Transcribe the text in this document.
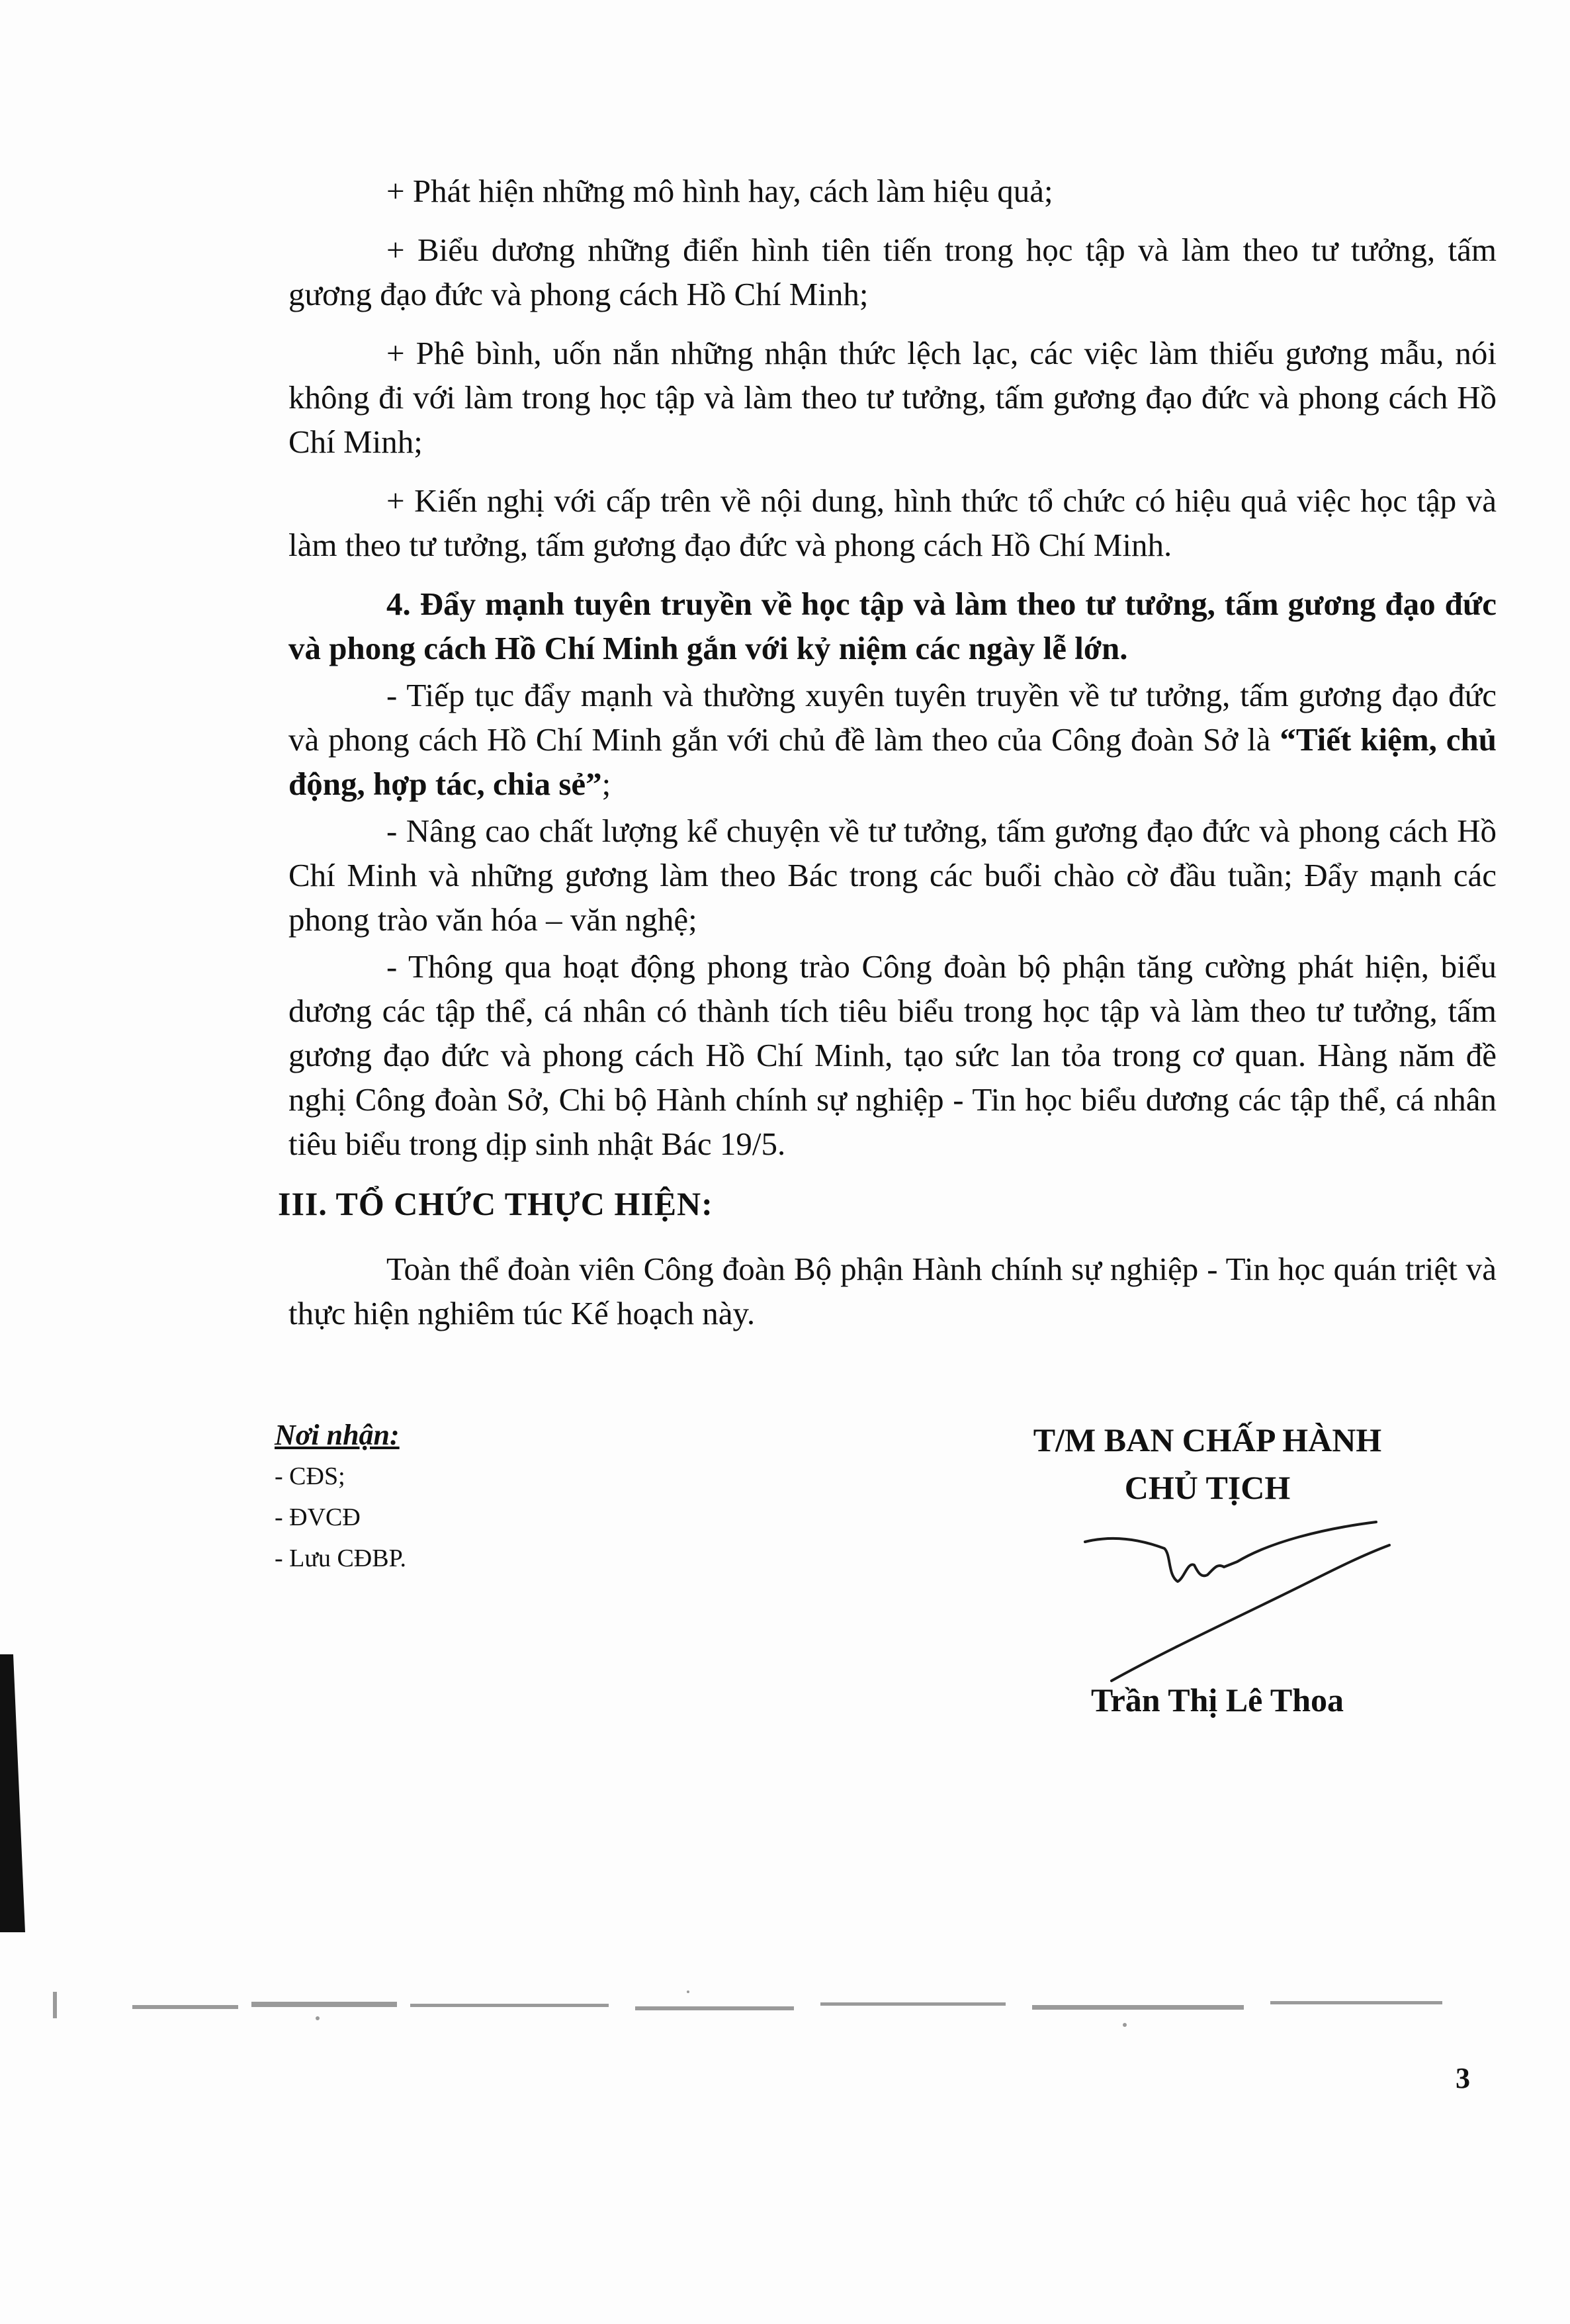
+ Phát hiện những mô hình hay, cách làm hiệu quả;

+ Biểu dương những điển hình tiên tiến trong học tập và làm theo tư tưởng, tấm gương đạo đức và phong cách Hồ Chí Minh;

+ Phê bình, uốn nắn những nhận thức lệch lạc, các việc làm thiếu gương mẫu, nói không đi với làm trong học tập và làm theo tư tưởng, tấm gương đạo đức và phong cách Hồ Chí Minh;

+ Kiến nghị với cấp trên về nội dung, hình thức tổ chức có hiệu quả việc học tập và làm theo tư tưởng, tấm gương đạo đức và phong cách Hồ Chí Minh.

4. Đẩy mạnh tuyên truyền về học tập và làm theo tư tưởng, tấm gương đạo đức và phong cách Hồ Chí Minh gắn với kỷ niệm các ngày lễ lớn.

- Tiếp tục đẩy mạnh và thường xuyên tuyên truyền về tư tưởng, tấm gương đạo đức và phong cách Hồ Chí Minh gắn với chủ đề làm theo của Công đoàn Sở là “Tiết kiệm, chủ động, hợp tác, chia sẻ”;

- Nâng cao chất lượng kể chuyện về tư tưởng, tấm gương đạo đức và phong cách Hồ Chí Minh và những gương làm theo Bác trong các buổi chào cờ đầu tuần; Đẩy mạnh các phong trào văn hóa – văn nghệ;

- Thông qua hoạt động phong trào Công đoàn bộ phận tăng cường phát hiện, biểu dương các tập thể, cá nhân có thành tích tiêu biểu trong học tập và làm theo tư tưởng, tấm gương đạo đức và phong cách Hồ Chí Minh, tạo sức lan tỏa trong cơ quan. Hàng năm đề nghị Công đoàn Sở, Chi bộ Hành chính sự nghiệp - Tin học biểu dương các tập thể, cá nhân tiêu biểu trong dịp sinh nhật Bác 19/5.

III. TỔ CHỨC THỰC HIỆN:

Toàn thể đoàn viên Công đoàn Bộ phận Hành chính sự nghiệp - Tin học quán triệt và thực hiện nghiêm túc Kế hoạch này.

Nơi nhận:
- CĐS;
- ĐVCĐ
- Lưu CĐBP.
T/M BAN CHẤP HÀNH
CHỦ TỊCH
Trần Thị Lê Thoa
3
